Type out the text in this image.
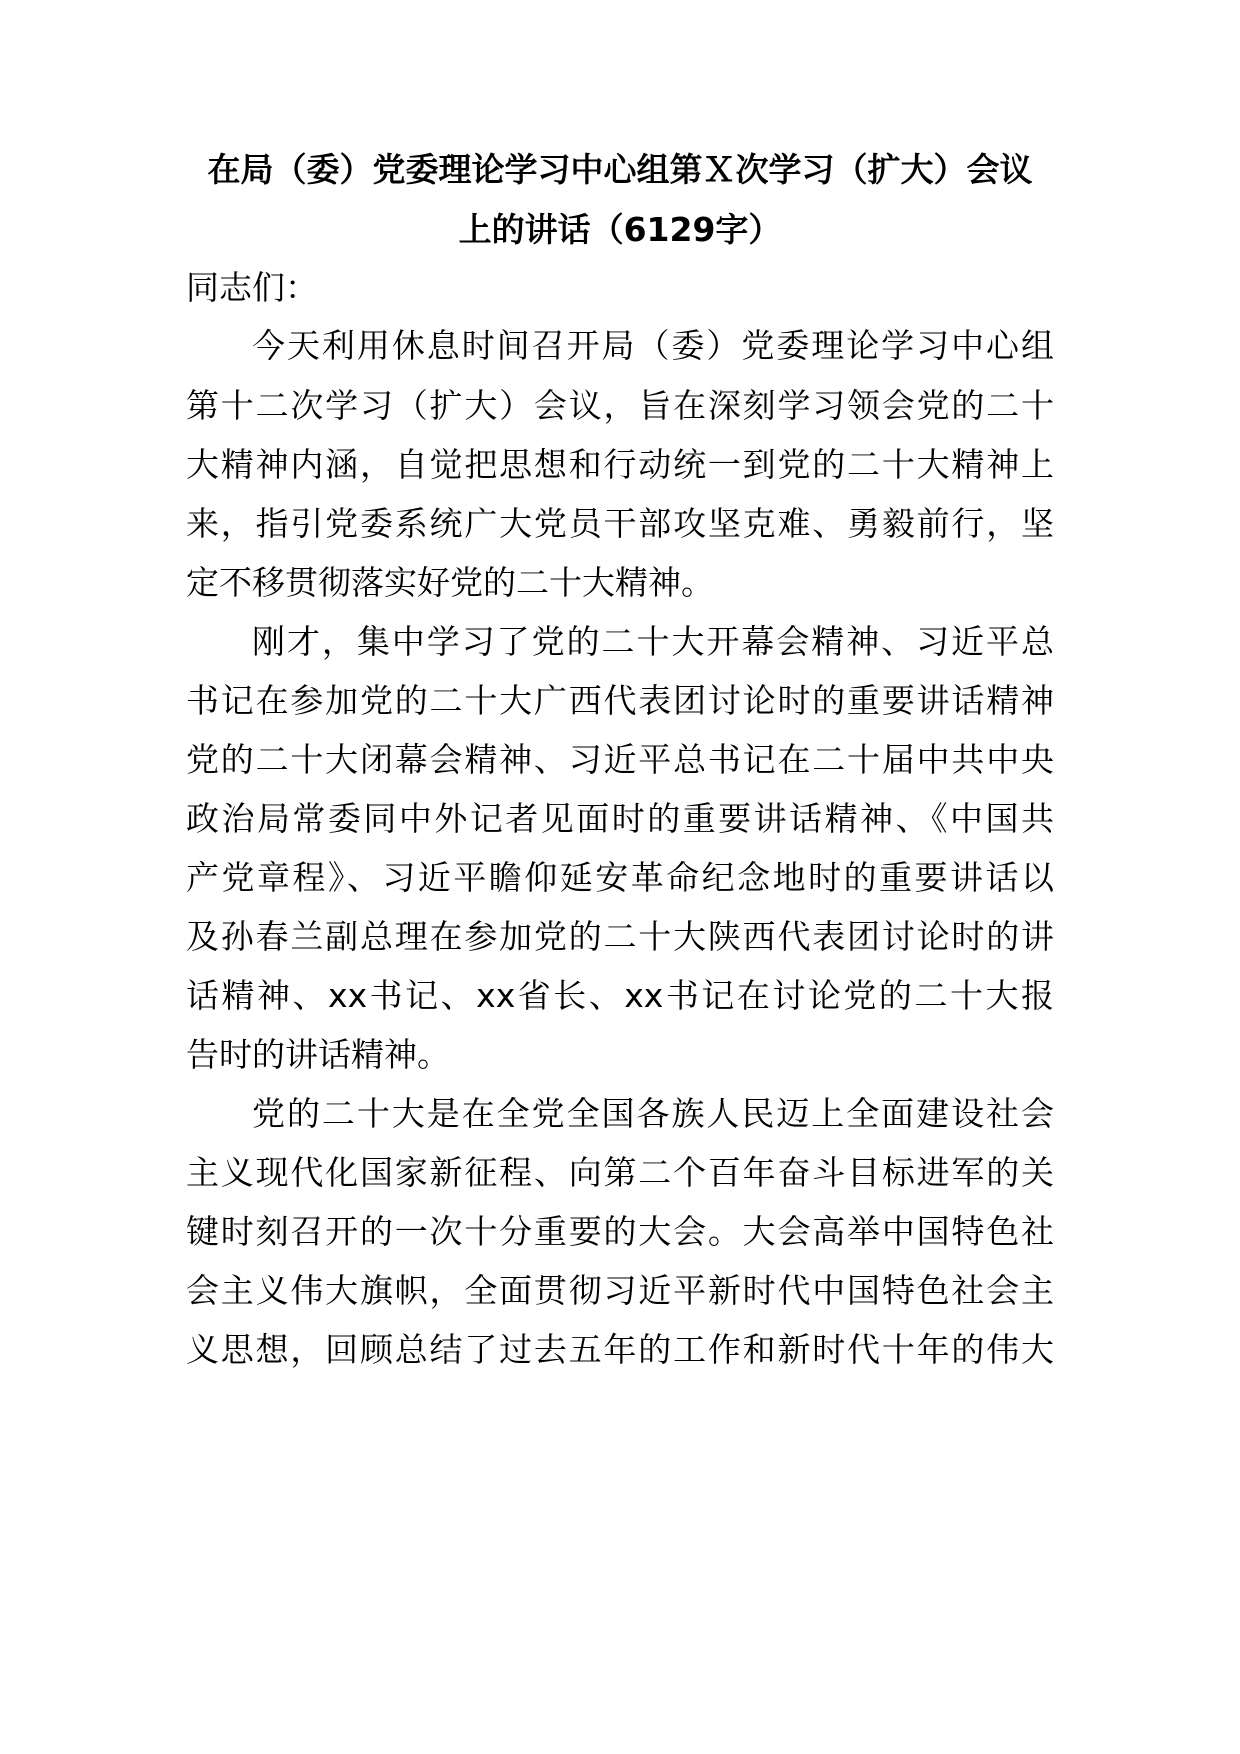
在局（委）党委理论学习中心组第Ｘ次学习（扩大）会议
上的讲话（6129字）
同志们：
今天利用休息时间召开局（委）党委理论学习中心组
第十二次学习（扩大）会议，旨在深刻学习领会党的二十
大精神内涵，自觉把思想和行动统一到党的二十大精神上
来，指引党委系统广大党员干部攻坚克难、勇毅前行，坚
定不移贯彻落实好党的二十大精神。
刚才，集中学习了党的二十大开幕会精神、习近平总
书记在参加党的二十大广西代表团讨论时的重要讲话精神
党的二十大闭幕会精神、习近平总书记在二十届中共中央
政治局常委同中外记者见面时的重要讲话精神、《中国共
产党章程》、习近平瞻仰延安革命纪念地时的重要讲话以
及孙春兰副总理在参加党的二十大陕西代表团讨论时的讲
话精神、xx书记、xx省长、xx书记在讨论党的二十大报
告时的讲话精神。
党的二十大是在全党全国各族人民迈上全面建设社会
主义现代化国家新征程、向第二个百年奋斗目标进军的关
键时刻召开的一次十分重要的大会。大会高举中国特色社
会主义伟大旗帜，全面贯彻习近平新时代中国特色社会主
义思想，回顾总结了过去五年的工作和新时代十年的伟大
